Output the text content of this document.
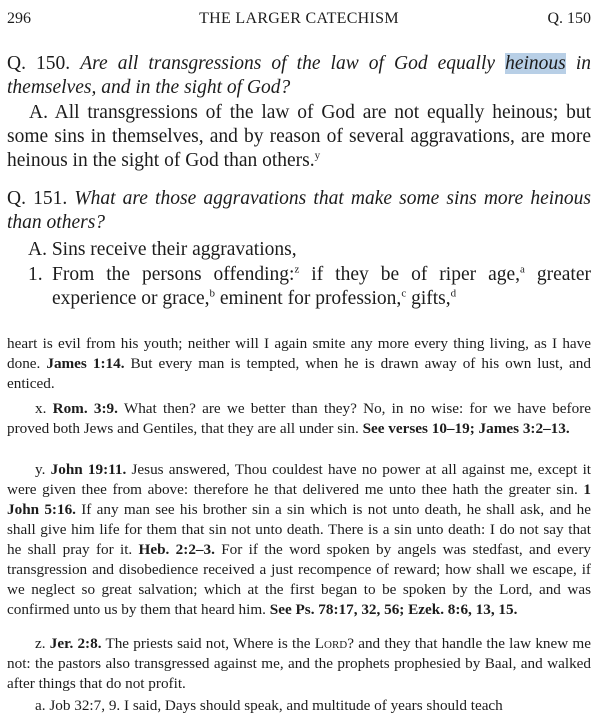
296	THE LARGER CATECHISM	Q. 150
Q. 150. Are all transgressions of the law of God equally heinous in themselves, and in the sight of God?
A. All transgressions of the law of God are not equally heinous; but some sins in themselves, and by reason of several aggravations, are more heinous in the sight of God than others.$^y$
Q. 151. What are those aggravations that make some sins more heinous than others?
A. Sins receive their aggravations,
1. From the persons offending:$^z$ if they be of riper age,$^a$ greater experience or grace,$^b$ eminent for profession,$^c$ gifts,$^d$
heart is evil from his youth; neither will I again smite any more every thing living, as I have done. James 1:14. But every man is tempted, when he is drawn away of his own lust, and enticed.
x. Rom. 3:9. What then? are we better than they? No, in no wise: for we have before proved both Jews and Gentiles, that they are all under sin. See verses 10–19; James 3:2–13.
y. John 19:11. Jesus answered, Thou couldest have no power at all against me, except it were given thee from above: therefore he that delivered me unto thee hath the greater sin. 1 John 5:16. If any man see his brother sin a sin which is not unto death, he shall ask, and he shall give him life for them that sin not unto death. There is a sin unto death: I do not say that he shall pray for it. Heb. 2:2–3. For if the word spoken by angels was stedfast, and every transgression and disobedience received a just recompence of reward; how shall we escape, if we neglect so great salvation; which at the first began to be spoken by the Lord, and was confirmed unto us by them that heard him. See Ps. 78:17, 32, 56; Ezek. 8:6, 13, 15.
z. Jer. 2:8. The priests said not, Where is the Lord? and they that handle the law knew me not: the pastors also transgressed against me, and the prophets prophesied by Baal, and walked after things that do not profit.
a. Job 32:7, 9. I said, Days should speak, and multitude of years should teach
